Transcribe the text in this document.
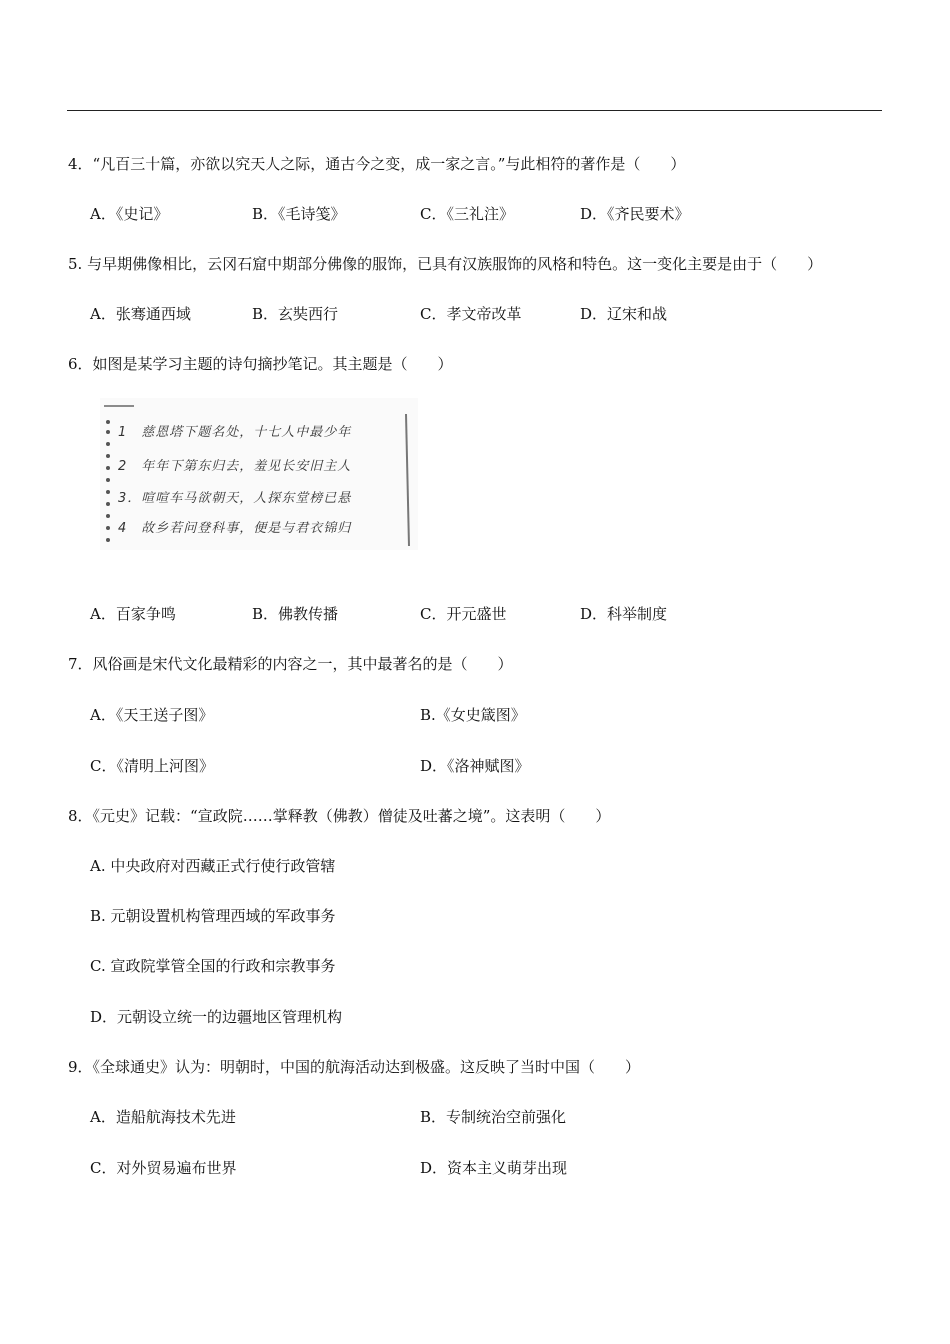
4．“凡百三十篇，亦欲以究天人之际，通古今之变，成一家之言。”与此相符的著作是（　　）
A．《史记》	B．《毛诗笺》	C．《三礼注》	D．《齐民要术》
5. 与早期佛像相比，云冈石窟中期部分佛像的服饰，已具有汉族服饰的风格和特色。这一变化主要是由于（　　）
A．张骞通西域	B．玄奘西行	C．孝文帝改革	D．辽宋和战
6．如图是某学习主题的诗句摘抄笔记。其主题是（　　）
1　慈恩塔下题名处，十七人中最少年
2　年年下第东归去，羞见长安旧主人
3．喧喧车马欲朝天，人探东堂榜已悬
4　故乡若问登科事，便是与君衣锦归
A．百家争鸣	B．佛教传播	C．开元盛世	D．科举制度
7．风俗画是宋代文化最精彩的内容之一，其中最著名的是（　　）
A．《天王送子图》	B.《女史箴图》
C．《清明上河图》	D．《洛神赋图》
8．《元史》记载：“宣政院……掌释教（佛教）僧徒及吐蕃之境”。这表明（　　）
A. 中央政府对西藏正式行使行政管辖
B. 元朝设置机构管理西域的军政事务
C. 宣政院掌管全国的行政和宗教事务
D．元朝设立统一的边疆地区管理机构
9．《全球通史》认为：明朝时，中国的航海活动达到极盛。这反映了当时中国（　　）
A．造船航海技术先进	B．专制统治空前强化
C．对外贸易遍布世界	D．资本主义萌芽出现
